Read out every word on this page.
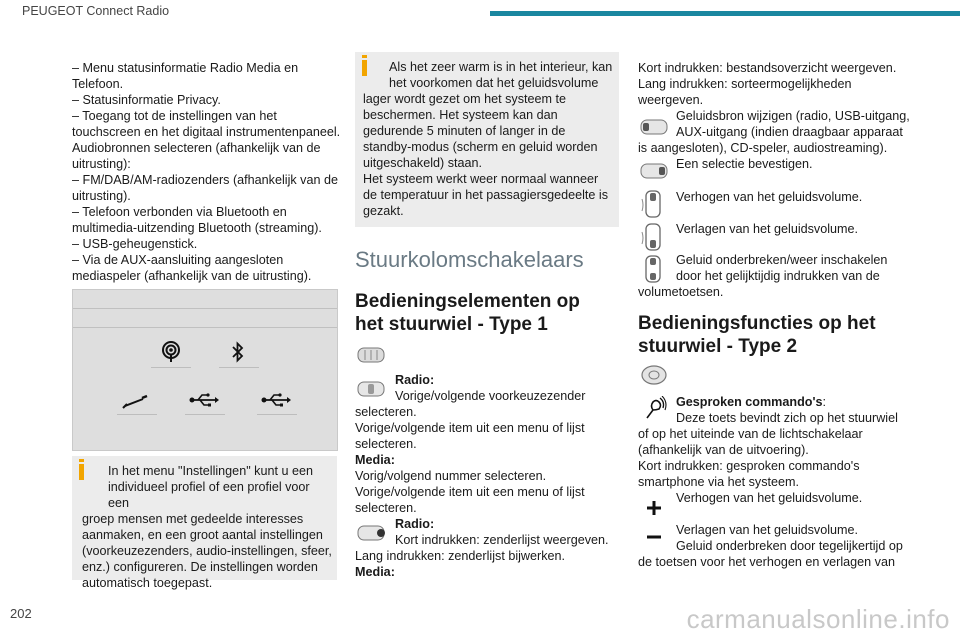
PEUGEOT Connect Radio

– Menu statusinformatie Radio Media en

Telefoon.

– Statusinformatie Privacy.

– Toegang tot de instellingen van het

touchscreen en het digitaal instrumentenpaneel.

Audiobronnen selecteren (afhankelijk van de

uitrusting):

– FM/DAB/AM-radiozenders (afhankelijk van de

uitrusting).

– Telefoon verbonden via Bluetooth en

multimedia-uitzending Bluetooth (streaming).

– USB-geheugenstick.

– Via de AUX-aansluiting aangesloten

mediaspeler (afhankelijk van de uitrusting).

In het menu "Instellingen" kunt u een

individueel profiel of een profiel voor een

groep mensen met gedeelde interesses

aanmaken, en een groot aantal instellingen

(voorkeuzezenders, audio-instellingen, sfeer,

enz.) configureren. De instellingen worden

automatisch toegepast.

Als het zeer warm is in het interieur, kan

het voorkomen dat het geluidsvolume

lager wordt gezet om het systeem te

beschermen. Het systeem kan dan

gedurende 5 minuten of langer in de

standby-modus (scherm en geluid worden

uitgeschakeld) staan.

Het systeem werkt weer normaal wanneer

de temperatuur in het passagiersgedeelte is

gezakt.

Stuurkolomschakelaars
Bedieningselementen op
het stuurwiel - Type 1

Radio:

Vorige/volgende voorkeuzezender

selecteren.

Vorige/volgende item uit een menu of lijst

selecteren.

Media:

Vorig/volgend nummer selecteren.

Vorige/volgende item uit een menu of lijst

selecteren.

Radio:

Kort indrukken: zenderlijst weergeven.

Lang indrukken: zenderlijst bijwerken.

Media:

Kort indrukken: bestandsoverzicht weergeven.

Lang indrukken: sorteermogelijkheden

weergeven.

Geluidsbron wijzigen (radio, USB-uitgang,

AUX-uitgang (indien draagbaar apparaat

is aangesloten), CD-speler, audiostreaming).

Een selectie bevestigen.
Verhogen van het geluidsvolume.
Verlagen van het geluidsvolume.

Geluid onderbreken/weer inschakelen

door het gelijktijdig indrukken van de

volumetoetsen.

Bedieningsfuncties op het
stuurwiel - Type 2

Gesproken commando's:

Deze toets bevindt zich op het stuurwiel

of op het uiteinde van de lichtschakelaar

(afhankelijk van de uitvoering).

Kort indrukken: gesproken commando's

smartphone via het systeem.

Verhogen van het geluidsvolume.
Verlagen van het geluidsvolume.

Geluid onderbreken door tegelijkertijd op

de toetsen voor het verhogen en verlagen van

202	carmanualsonline.info
